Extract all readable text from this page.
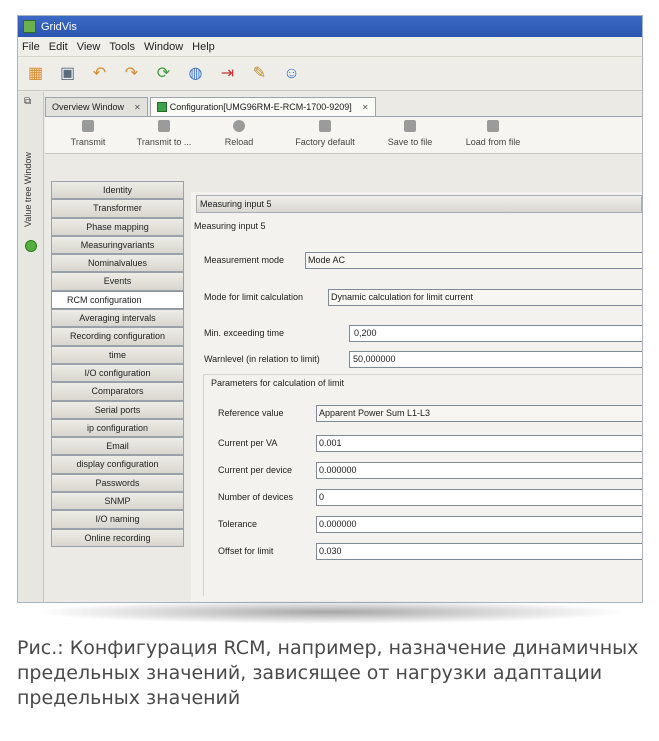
GridVis
File Edit View Tools Window Help
▦ ▣ ↶ ↷ ⟳ ◍ ⇥ ✎ ☺
⧉
Value tree Window
Overview Window ✕	Configuration[UMG96RM-E-RCM-1700-9209] ✕
Transmit	Transmit to ...	Reload	Factory default	Save to file	Load from file
Identity
Transformer
Phase mapping
Measuringvariants
Nominalvalues
Events
RCM configuration
Averaging intervals
Recording configuration
time
I/O configuration
Comparators
Serial ports
ip configuration
Email
display configuration
Passwords
SNMP
I/O naming
Online recording
Measuring input 5
Measuring input 5
Measurement mode	Mode AC
Mode for limit calculation	Dynamic calculation for limit current
Min. exceeding time	0,200
Warnlevel (in relation to limit)	50,000000
Parameters for calculation of limit
Reference value	Apparent Power Sum L1-L3
Current per VA	0.001
Current per device	0.000000
Number of devices	0
Tolerance	0.000000
Offset for limit	0.030
Рис.: Конфигурация RCM, например, назначение динамичных предельных значений, зависящее от нагрузки адаптации предельных значений
